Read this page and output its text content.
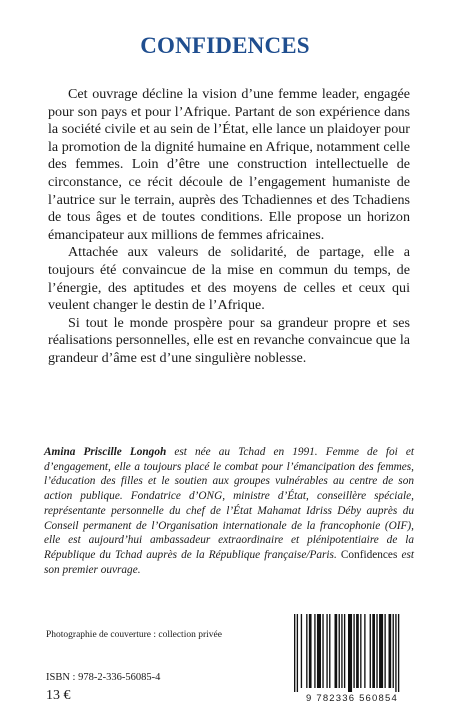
CONFIDENCES

Cet ouvrage décline la vision d’une femme leader, engagée pour son pays et pour l’Afrique. Partant de son expérience dans la société civile et au sein de l’État, elle lance un plaidoyer pour la promotion de la dignité humaine en Afrique, notamment celle des femmes. Loin d’être une construction intellectuelle de circonstance, ce récit découle de l’engagement humaniste de l’autrice sur le terrain, auprès des Tchadiennes et des Tchadiens de tous âges et de toutes conditions. Elle propose un horizon émancipateur aux millions de femmes africaines.

Attachée aux valeurs de solidarité, de partage, elle a toujours été convaincue de la mise en commun du temps, de l’énergie, des aptitudes et des moyens de celles et ceux qui veulent changer le destin de l’Afrique.

Si tout le monde prospère pour sa grandeur propre et ses réalisations personnelles, elle est en revanche convaincue que la grandeur d’âme est d’une singulière noblesse.

Amina Priscille Longoh est née au Tchad en 1991. Femme de foi et d’engagement, elle a toujours placé le combat pour l’émancipation des femmes, l’éducation des filles et le soutien aux groupes vulnérables au centre de son action publique. Fondatrice d’ONG, ministre d’État, conseillère spéciale, représentante personnelle du chef de l’État Mahamat Idriss Déby auprès du Conseil permanent de l’Organisation internationale de la francophonie (OIF), elle est aujourd’hui ambassadeur extraordinaire et plénipotentiaire de la République du Tchad auprès de la République française/Paris. Confidences est son premier ouvrage.
Photographie de couverture : collection privée
ISBN : 978-2-336-56085-4
13 €	9 782336 560854
